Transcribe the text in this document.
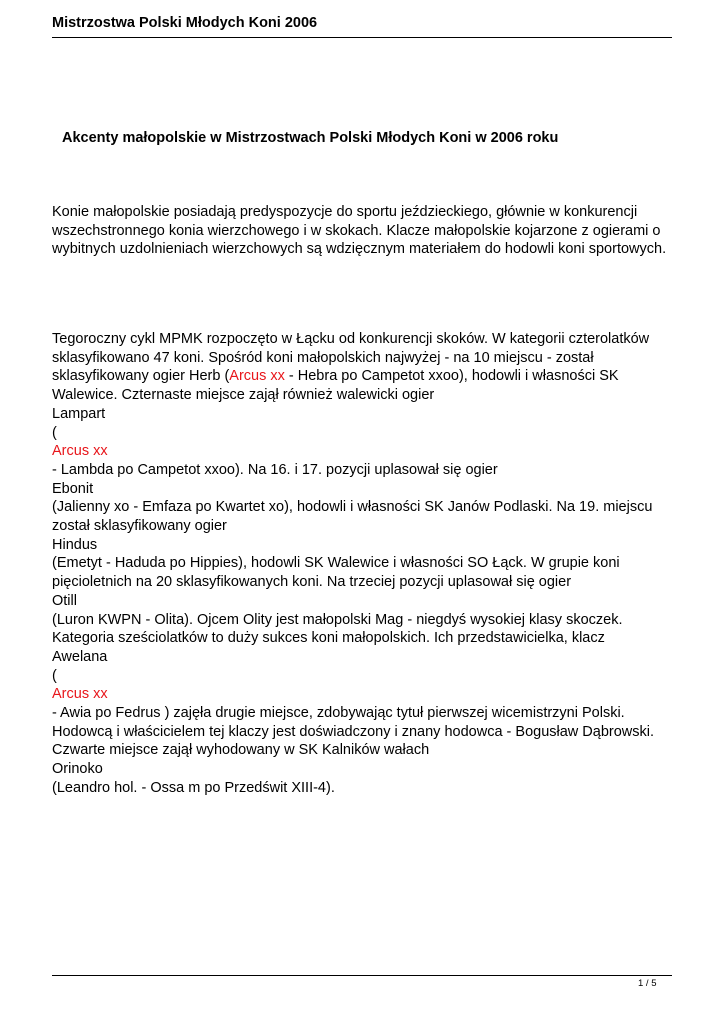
Mistrzostwa Polski Młodych Koni 2006
Akcenty małopolskie w Mistrzostwach Polski Młodych Koni w 2006 roku
Konie małopolskie posiadają predyspozycje do sportu jeździeckiego, głównie w konkurencji
wszechstronnego konia wierzchowego i w skokach. Klacze małopolskie kojarzone z ogierami o
wybitnych uzdolnieniach wierzchowych są wdzięcznym materiałem do hodowli koni sportowych.
Tegoroczny cykl MPMK rozpoczęto w Łącku od konkurencji skoków. W kategorii czterolatków
sklasyfikowano 47 koni. Spośród koni małopolskich najwyżej - na 10 miejscu - został
sklasyfikowany ogier Herb (Arcus xx - Hebra po Campetot xxoo), hodowli i własności SK
Walewice. Czternaste miejsce zajął również walewicki ogier
Lampart
(
Arcus xx
- Lambda po Campetot xxoo). Na 16. i 17. pozycji uplasował się ogier
Ebonit
(Jalienny xo - Emfaza po Kwartet xo), hodowli i własności SK Janów Podlaski. Na 19. miejscu
został sklasyfikowany ogier
Hindus
(Emetyt - Haduda po Hippies), hodowli SK Walewice i własności SO Łąck. W grupie koni
pięcioletnich na 20 sklasyfikowanych koni. Na trzeciej pozycji uplasował się ogier
Otill
(Luron KWPN - Olita). Ojcem Olity jest małopolski Mag - niegdyś wysokiej klasy skoczek.
Kategoria sześciolatków to duży sukces koni małopolskich. Ich przedstawicielka, klacz
Awelana
(
Arcus xx
- Awia po Fedrus ) zajęła drugie miejsce, zdobywając tytuł pierwszej wicemistrzyni Polski.
Hodowcą i właścicielem tej klaczy jest doświadczony i znany hodowca - Bogusław Dąbrowski.
Czwarte miejsce zajął wyhodowany w SK Kalników wałach
Orinoko
(Leandro hol. - Ossa m po Przedświt XIII-4).
1 / 5
